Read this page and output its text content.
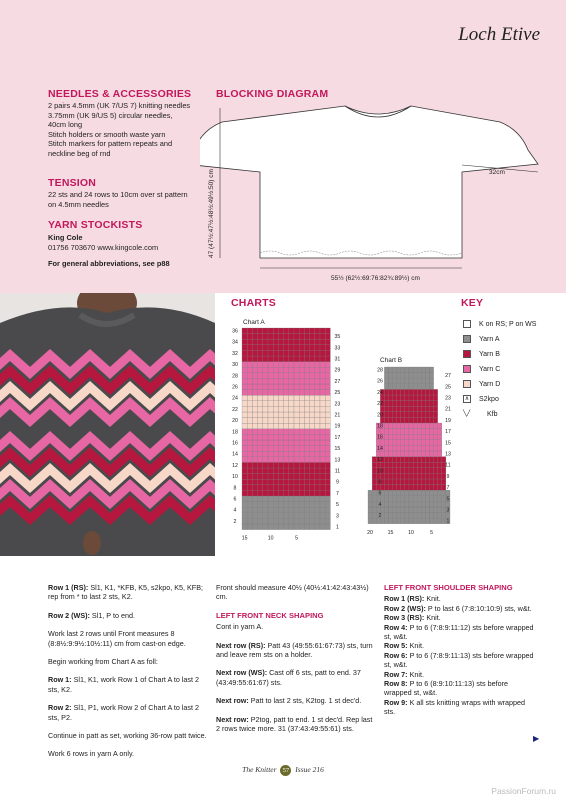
Loch Etive
NEEDLES & ACCESSORIES

2 pairs 4.5mm (UK 7/US 7) knitting needles

3.75mm (UK 9/US 5) circular needles,

40cm long

Stitch holders or smooth waste yarn

Stitch markers for pattern repeats and

neckline beg of rnd

TENSION

22 sts and 24 rows to 10cm over st pattern

on 4.5mm needles

YARN STOCKISTS

King Cole

01756 703670 www.kingcole.com

For general abbreviations, see p88

BLOCKING DIAGRAM
32cm
47 (47½:47½:48½:49½:50) cm
55½ (62½:69:76:82¾:89½) cm
CHARTS
Chart A
Chart B
36
34
32
30
28
26
24
22
20
18
16
14
12
10
8
6
4
2
35
33
31
29
27
25
23
21
19
17
15
13
11
9
7
5
3
1
15	10	5
28
26
24
22
20
18
16
14
12
10
8
6
4
2
27
25
23
21
19
17
15
13
11
9
7
5
3
1
20	15	10	5
KEY
K on RS; P on WS
Yarn A
Yarn B
Yarn C
Yarn D
∧ S2kpo
╲╱ Kfb

Row 1 (RS): Sl1, K1, *KFB, K5, s2kpo, K5, KFB; rep from * to last 2 sts, K2.

Row 2 (WS): Sl1, P to end.

Work last 2 rows until Front measures 8 (8:8½:9:9½:10½:11) cm from cast-on edge.

Begin working from Chart A as foll:

Row 1: Sl1, K1, work Row 1 of Chart A to last 2 sts, K2.

Row 2: Sl1, P1, work Row 2 of Chart A to last 2 sts, P2.

Continue in patt as set, working 36-row patt twice.

Work 6 rows in yarn A only.

Front should measure 40½ (40½:41:42:43:43½) cm.

LEFT FRONT NECK SHAPING

Cont in yarn A.

Next row (RS): Patt 43 (49:55:61:67:73) sts, turn and leave rem sts on a holder.

Next row (WS): Cast off 6 sts, patt to end. 37 (43:49:55:61:67) sts.

Next row: Patt to last 2 sts, K2tog. 1 st dec'd.

Next row: P2tog, patt to end. 1 st dec'd. Rep last 2 rows twice more. 31 (37:43:49:55:61) sts.

LEFT FRONT SHOULDER SHAPING

Row 1 (RS): Knit.

Row 2 (WS): P to last 6 (7:8:10:10:9) sts, w&t.

Row 3 (RS): Knit.

Row 4: P to 6 (7:8:9:11:12) sts before wrapped st, w&t.

Row 5: Knit.

Row 6: P to 6 (7:8:9:11:13) sts before wrapped st, w&t.

Row 7: Knit.

Row 8: P to 6 (8:9:10:11:13) sts before wrapped st, w&t.

Row 9: K all sts knitting wraps with wrapped sts.

▶
The Knitter 57 Issue 216
PassionForum.ru
